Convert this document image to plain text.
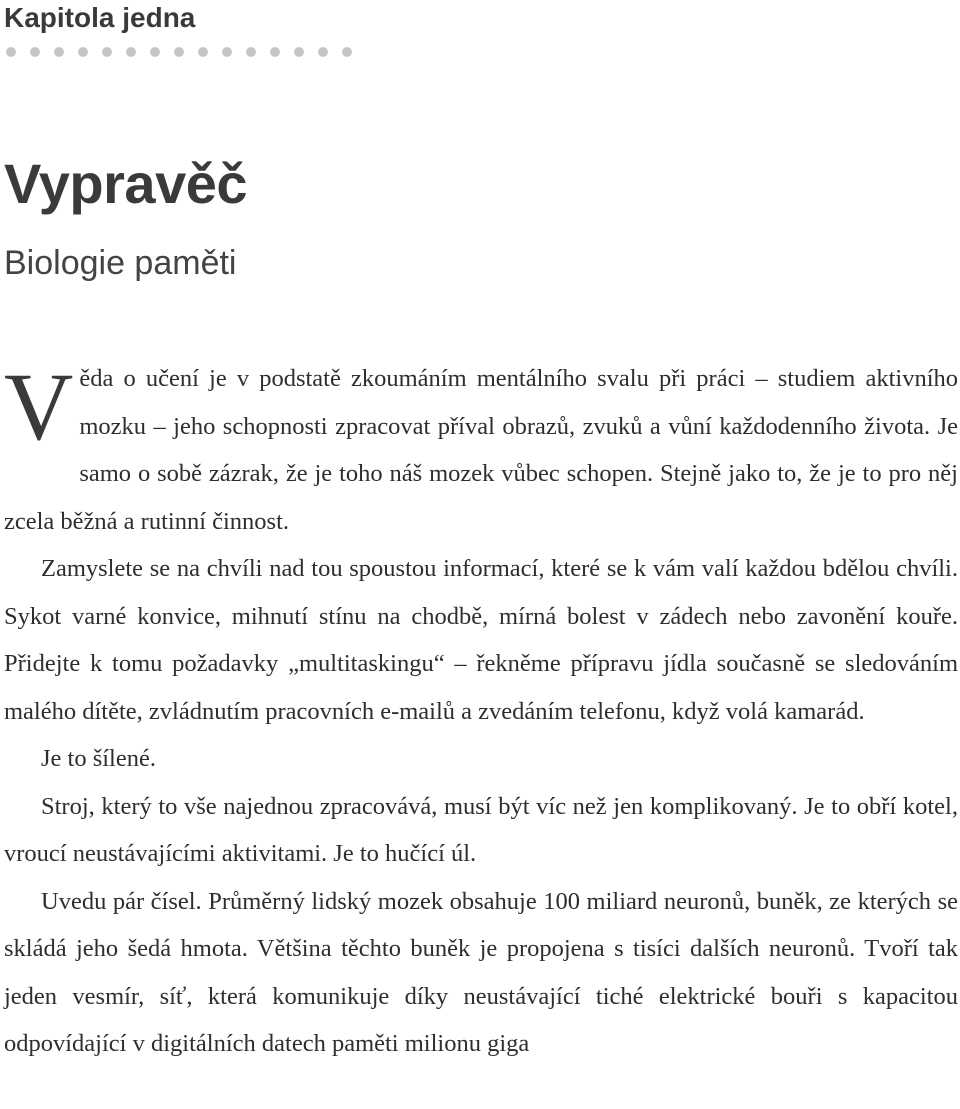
Kapitola jedna
Vypravěč
Biologie paměti

Věda o učení je v podstatě zkoumáním mentálního svalu při práci – studiem aktivního mozku – jeho schopnosti zpracovat příval obrazů, zvuků a vůní každodenního života. Je samo o sobě zázrak, že je toho náš mozek vůbec schopen. Stejně jako to, že je to pro něj zcela běžná a rutinní činnost.

Zamyslete se na chvíli nad tou spoustou informací, které se k vám valí každou bdělou chvíli. Sykot varné konvice, mihnutí stínu na chodbě, mírná bolest v zádech nebo zavonění kouře. Přidejte k tomu požadavky „multitaskingu“ – řekněme přípravu jídla současně se sledováním malého dítěte, zvládnutím pracovních e-mailů a zvedáním telefonu, když volá kamarád.

Je to šílené.

Stroj, který to vše najednou zpracovává, musí být víc než jen komplikovaný. Je to obří kotel, vroucí neustávajícími aktivitami. Je to hučící úl.

Uvedu pár čísel. Průměrný lidský mozek obsahuje 100 miliard neuronů, buněk, ze kterých se skládá jeho šedá hmota. Většina těchto buněk je propojena s tisíci dalších neuronů. Tvoří tak jeden vesmír, síť, která komunikuje díky neustávající tiché elektrické bouři s kapacitou odpovídající v digitálních datech paměti milionu giga
